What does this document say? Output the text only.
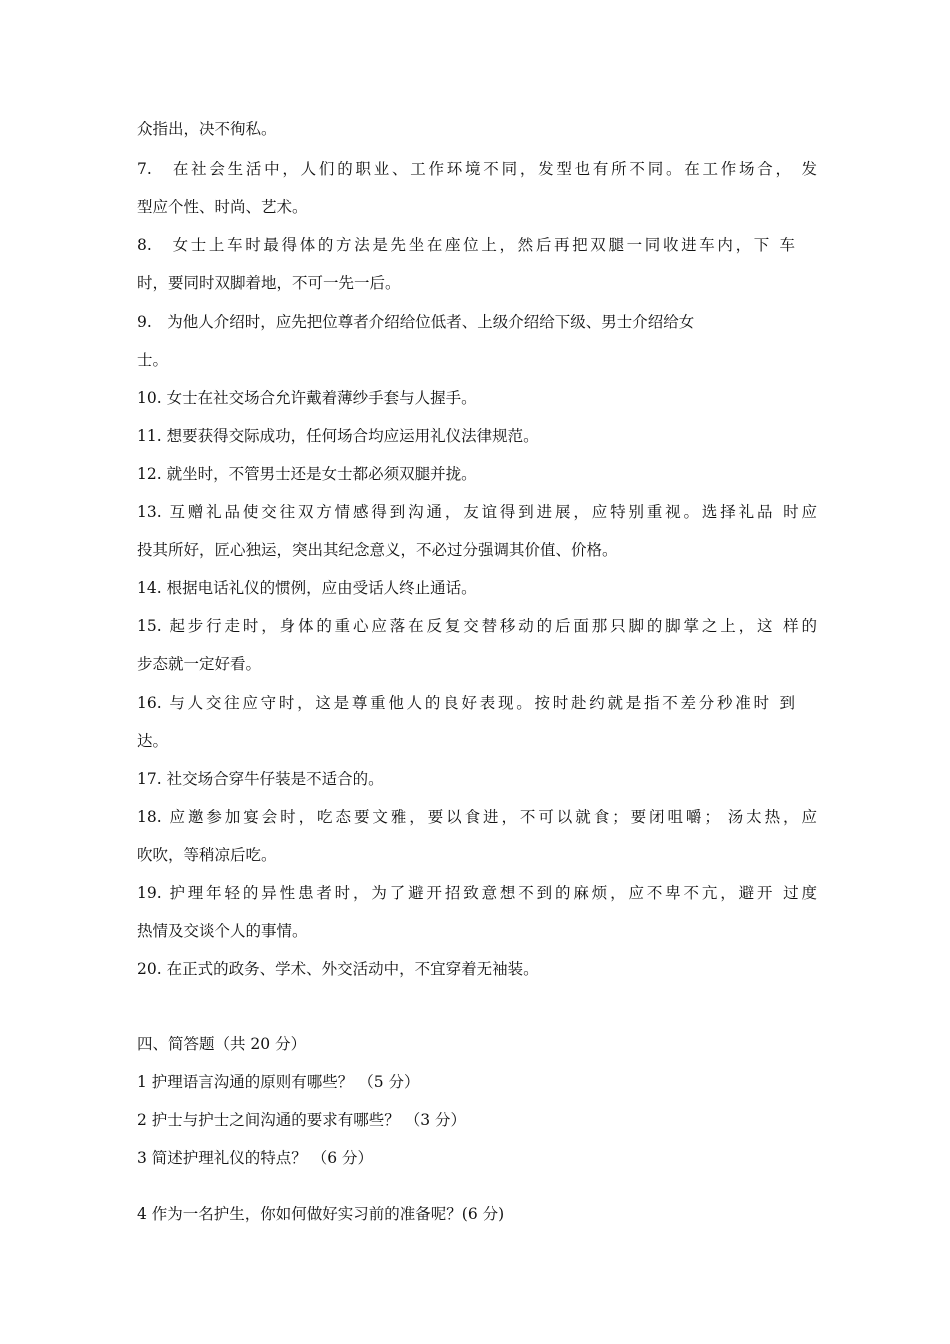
众指出，决不徇私。
7.　在社会生活中，人们的职业、工作环境不同，发型也有所不同。在工作场合， 发
型应个性、时尚、艺术。
8.　女士上车时最得体的方法是先坐在座位上，然后再把双腿一同收进车内，下 车
时，要同时双脚着地，不可一先一后。
9.　为他人介绍时，应先把位尊者介绍给位低者、上级介绍给下级、男士介绍给女
士。
10. 女士在社交场合允许戴着薄纱手套与人握手。
11. 想要获得交际成功，任何场合均应运用礼仪法律规范。
12. 就坐时，不管男士还是女士都必须双腿并拢。
13. 互赠礼品使交往双方情感得到沟通，友谊得到进展，应特别重视。选择礼品 时应
投其所好，匠心独运，突出其纪念意义，不必过分强调其价值、价格。
14. 根据电话礼仪的惯例，应由受话人终止通话。
15. 起步行走时，身体的重心应落在反复交替移动的后面那只脚的脚掌之上，这 样的
步态就一定好看。
16. 与人交往应守时，这是尊重他人的良好表现。按时赴约就是指不差分秒准时 到
达。
17. 社交场合穿牛仔装是不适合的。
18. 应邀参加宴会时，吃态要文雅，要以食进，不可以就食；要闭咀嚼； 汤太热，应
吹吹，等稍凉后吃。
19. 护理年轻的异性患者时，为了避开招致意想不到的麻烦，应不卑不亢，避开 过度
热情及交谈个人的事情。
20. 在正式的政务、学术、外交活动中，不宜穿着无袖装。
四、简答题（共 20 分）
1 护理语言沟通的原则有哪些？ （5 分）
2 护士与护士之间沟通的要求有哪些？ （3 分）
3 简述护理礼仪的特点？ （6 分）
4 作为一名护生，你如何做好实习前的准备呢？(6 分)
